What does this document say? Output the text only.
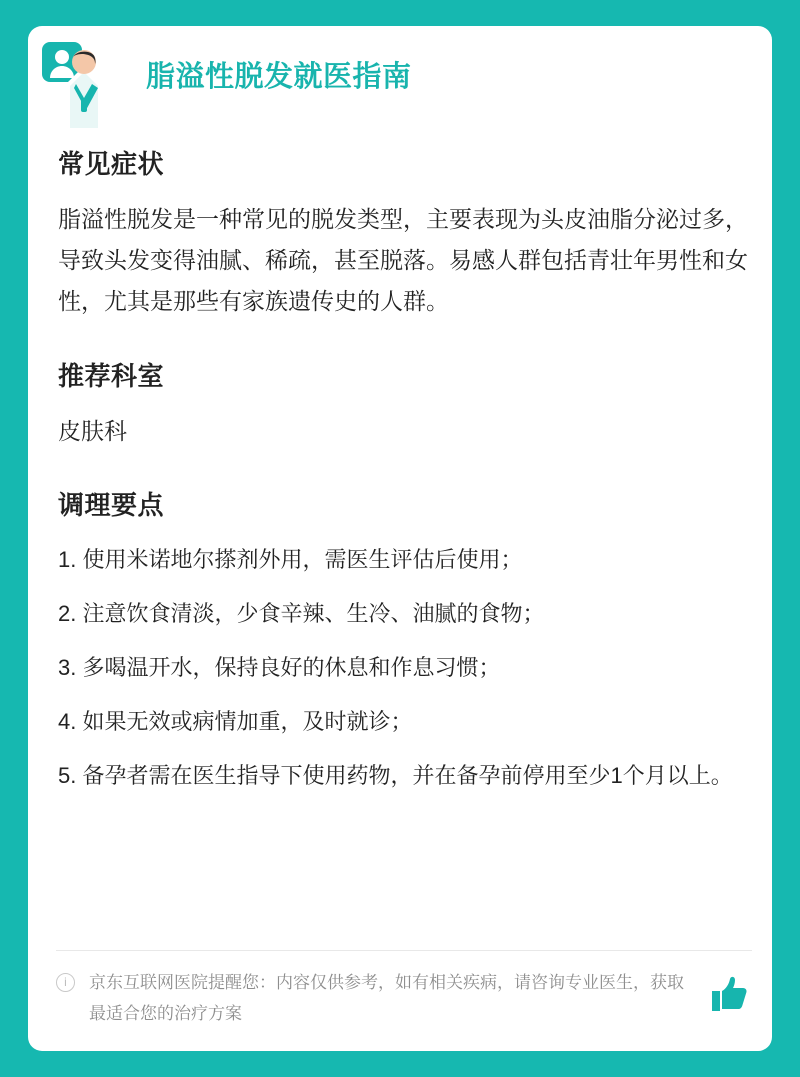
脂溢性脱发就医指南
常见症状

脂溢性脱发是一种常见的脱发类型，主要表现为头皮油脂分泌过多，导致头发变得油腻、稀疏，甚至脱落。易感人群包括青壮年男性和女性，尤其是那些有家族遗传史的人群。

推荐科室

皮肤科

调理要点
使用米诺地尔搽剂外用，需医生评估后使用；
注意饮食清淡，少食辛辣、生冷、油腻的食物；
多喝温开水，保持良好的休息和作息习惯；
如果无效或病情加重，及时就诊；
备孕者需在医生指导下使用药物，并在备孕前停用至少1个月以上。
i	京东互联网医院提醒您：内容仅供参考，如有相关疾病，请咨询专业医生，获取最适合您的治疗方案
